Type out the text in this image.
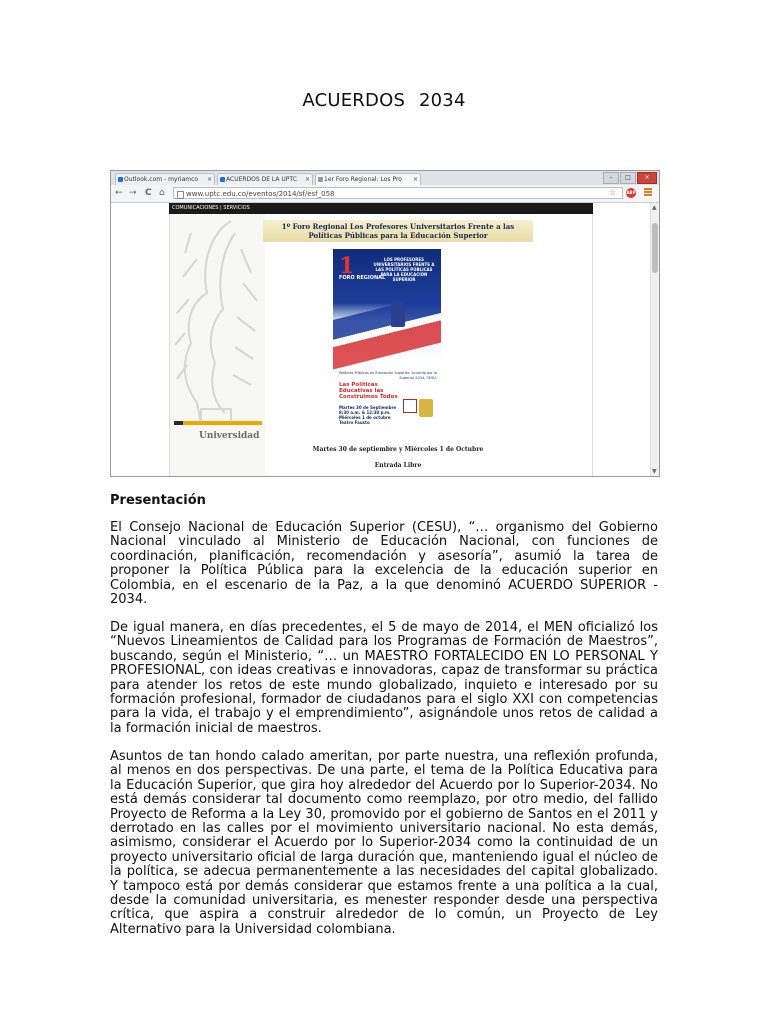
ACUERDOS 2034
Outlook.com - myriamco ×	ACUERDOS DE LA UPTC ×	1er Foro Regional: Los Pro ×	–	□	×
← → C ⌂	www.uptc.edu.co/eventos/2014/sf/esf_058	☆	ABP
Universidad
COMUNICACIONES | SERVICIOS
1º Foro Regional Los Profesores Universitarios Frente a las
Políticas Públicas para la Educación Superior
1
FORO REGIONAL
LOS PROFESORES UNIVERSITARIOS FRENTE A LAS POLÍTICAS PÚBLICAS PARA LA EDUCACIÓN SUPERIOR
Políticas Públicas en Educación Superior: Acuerdo por lo Superior 2034, CESU.
Las Políticas Educativas las Construimos Todos
Martes 30 de Septiembre 8:30 a.m. & 12:30 p.m. Miércoles 1 de octubre Teatro Fausto
Martes 30 de septiembre y Miércoles 1 de Octubre
Entrada Libre
▲
▼
Presentación
El Consejo Nacional de Educación Superior (CESU), “… organismo del Gobierno Nacional vinculado al Ministerio de Educación Nacional, con funciones de coordinación, planificación, recomendación y asesoría”, asumió la tarea de proponer la Política Pública para la excelencia de la educación superior en Colombia, en el escenario de la Paz, a la que denominó ACUERDO SUPERIOR - 2034.
De igual manera, en días precedentes, el 5 de mayo de 2014, el MEN oficializó los “Nuevos Lineamientos de Calidad para los Programas de Formación de Maestros”, buscando, según el Ministerio, “… un MAESTRO FORTALECIDO EN LO PERSONAL Y PROFESIONAL, con ideas creativas e innovadoras, capaz de transformar su práctica para atender los retos de este mundo globalizado, inquieto e interesado por su formación profesional, formador de ciudadanos para el siglo XXI con competencias para la vida, el trabajo y el emprendimiento”, asignándole unos retos de calidad a la formación inicial de maestros.
Asuntos de tan hondo calado ameritan, por parte nuestra, una reflexión profunda, al menos en dos perspectivas. De una parte, el tema de la Política Educativa para la Educación Superior, que gira hoy alrededor del Acuerdo por lo Superior-2034. No está demás considerar tal documento como reemplazo, por otro medio, del fallido Proyecto de Reforma a la Ley 30, promovido por el gobierno de Santos en el 2011 y derrotado en las calles por el movimiento universitario nacional. No esta demás, asimismo, considerar el Acuerdo por lo Superior-2034 como la continuidad de un proyecto universitario oficial de larga duración que, manteniendo igual el núcleo de la política, se adecua permanentemente a las necesidades del capital globalizado. Y tampoco está por demás considerar que estamos frente a una política a la cual, desde la comunidad universitaria, es menester responder desde una perspectiva crítica, que aspira a construir alrededor de lo común, un Proyecto de Ley Alternativo para la Universidad colombiana.
